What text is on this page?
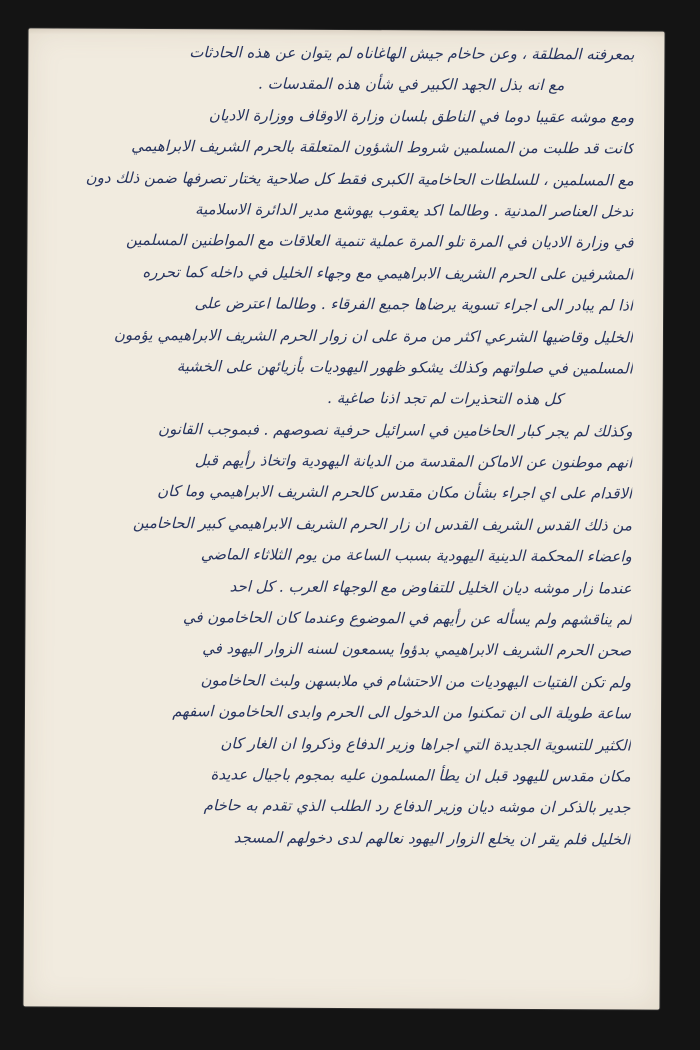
بمعرفته المطلقة ، وعن حاخام جيش الهاغاناه لم يتوان عن هذه الحادثات
مع انه بذل الجهد الكبير في شأن هذه المقدسات .
ومع موشه عقيبا دوما في الناطق بلسان وزارة الاوقاف ووزارة الاديان
كانت قد طلبت من المسلمين شروط الشؤون المتعلقة بالحرم الشريف الابراهيمي
مع المسلمين ، للسلطات الحاخامية الكبرى فقط كل صلاحية يختار تصرفها ضمن ذلك دون
تدخل العناصر المدنية . وطالما اكد يعقوب يهوشع مدير الدائرة الاسلامية
في وزارة الاديان في المرة تلو المرة عملية تنمية العلاقات مع المواطنين المسلمين
المشرفين على الحرم الشريف الابراهيمي مع وجهاء الخليل في داخله كما تحرره
اذا لم يبادر الى اجراء تسوية يرضاها جميع الفرقاء . وطالما اعترض على
الخليل وقاضيها الشرعي اكثر من مرة على ان زوار الحرم الشريف الابراهيمي يؤمون
المسلمين في صلواتهم وكذلك يشكو ظهور اليهوديات بأزيائهن على الخشية
كل هذه التحذيرات لم تجد اذنا صاغية .
وكذلك لم يجر كبار الحاخامين في اسرائيل حرفية نصوصهم . فبموجب القانون
انهم موطنون عن الاماكن المقدسة من الديانة اليهودية واتخاذ رأيهم قبل
الاقدام على اي اجراء بشأن مكان مقدس كالحرم الشريف الابراهيمي وما كان
من ذلك القدس الشريف القدس ان زار الحرم الشريف الابراهيمي كبير الحاخامين
واعضاء المحكمة الدينية اليهودية بسبب الساعة من يوم الثلاثاء الماضي
عندما زار موشه ديان الخليل للتفاوض مع الوجهاء العرب . كل احد
لم يناقشهم ولم يسأله عن رأيهم في الموضوع وعندما كان الحاخامون في
صحن الحرم الشريف الابراهيمي بدؤوا يسمعون لسنه الزوار اليهود في
ولم تكن الفتيات اليهوديات من الاحتشام في ملابسهن ولبث الحاخامون
ساعة طويلة الى ان تمكنوا من الدخول الى الحرم وابدى الحاخامون اسفهم
الكثير للتسوية الجديدة التي اجراها وزير الدفاع وذكروا ان الغار كان
مكان مقدس لليهود قبل ان يطأ المسلمون عليه بمجوم باجيال عديدة
جدير بالذكر ان موشه ديان وزير الدفاع رد الطلب الذي تقدم به حاخام
الخليل فلم يقر ان يخلع الزوار اليهود نعالهم لدى دخولهم المسجد
